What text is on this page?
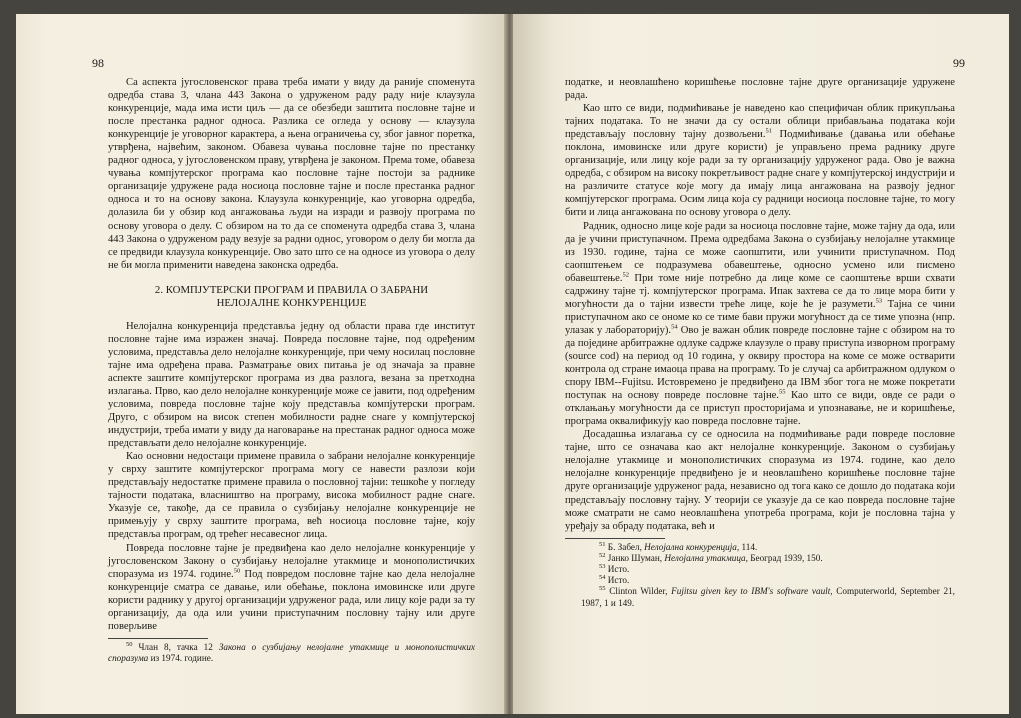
98

Са аспекта југословенског права треба имати у виду да раније споменута одредба става 3, члана 443 Закона о удруженом раду раду није клаузула конкуренције, мада има исти циљ — да се обезбеди заштита пословне тајне и после престанка радног односа. Разлика се огледа у основу — клаузула конкуренције је уговорног карактера, а њена ограничења су, због јавног поретка, утврђена, највећим, законом. Обавеза чувања пословне тајне по престанку радног односа, у југословенском праву, утврђена је законом. Према томе, обавеза чувања компјутерског програма као пословне тајне постоји за раднике организације удружене рада носиоца пословне тајне и после престанка радног односа и то на основу закона. Клаузула конкуренције, као уговорна одредба, долазила би у обзир код ангажовања људи на изради и развоју програма по основу уговора о делу. С обзиром на то да се споменута одредба става 3, члана 443 Закона о удруженом раду везује за радни однос, уговором о делу би могла да се предвиди клаузула конкуренције. Ово зато што се на односе из уговора о делу не би могла применити наведена законска одредба.

2. КОМПЈУТЕРСКИ ПРОГРАМ И ПРАВИЛА О ЗАБРАНИ
НЕЛОЈАЛНЕ КОНКУРЕНЦИЈЕ

Нелојална конкуренција представља једну од области права где институт пословне тајне има изражен значај. Повреда пословне тајне, под одређеним условима, представља дело нелојалне конкуренције, при чему носилац пословне тајне има одређена права. Разматрање ових питања је од значаја за правне аспекте заштите компјутерског програма из два разлога, везана за претходна излагања. Прво, као дело нелојалне конкуренције може се јавити, под одређеним условима, повреда пословне тајне коју представља компјутерски програм. Друго, с обзиром на висок степен мобилности радне снаге у компјутерској индустрији, треба имати у виду да наговарање на престанак радног односа може представљати дело нелојалне конкуренције.

Као основни недостаци примене правила о забрани нелојалне конкуренције у сврху заштите компјутерског програма могу се навести разлози који представљају недостатке примене правила о пословној тајни: тешкоће у погледу тајности података, власништво на програму, висока мобилност радне снаге. Указује се, такође, да се правила о сузбијању нелојалне конкуренције не примењују у сврху заштите програма, већ носиоца пословне тајне, коју представља програм, од трећег несавесног лица.

Повреда пословне тајне је предвиђена као дело нелојалне конкуренције у југословенском Закону о сузбијању нелојалне утакмице и монополистичких споразума из 1974. године.$^{50}$ Под повредом пословне тајне као дела нелојалне конкуренције сматра се давање, или обећање, поклона имовинске или друге користи раднику у другој организацији удруженог рада, или лицу које ради за ту организацију, да ода или учини приступачним пословну тајну или друге поверљиве

$^{50}$ Члан 8, тачка 12 Закона о сузбијању нелојалне утакмице и монополистичких споразума из 1974. године.

99

податке, и неовлашћено коришћење пословне тајне друге организације удружене рада.

Као што се види, подмићивање је наведено као специфичан облик прикупљања тајних података. То не значи да су остали облици прибављања података који представљају пословну тајну дозвољени.$^{51}$ Подмићивање (давања или обећање поклона, имовинске или друге користи) је управљено према раднику друге организације, или лицу које ради за ту организацију удруженог рада. Ово је важна одредба, с обзиром на високу покретљивост радне снаге у компјутерској индустрији и на различите статусе које могу да имају лица ангажована на развоју једног компјутерског програма. Осим лица која су радници носиоца пословне тајне, то могу бити и лица ангажована по основу уговора о делу.

Радник, односно лице које ради за носиоца пословне тајне, може тајну да ода, или да је учини приступачном. Према одредбама Закона о сузбијању нелојалне утакмице из 1930. године, тајна се може саопштити, или учинити приступачном. Под саопштењем се подразумева обавештење, односно усмено или писмено обавештење.$^{52}$ При томе није потребно да лице коме се саопштење врши схвати садржину тајне тј. компјутерског програма. Ипак захтева се да то лице мора бити у могућности да о тајни извести треће лице, које ће је разумети.$^{53}$ Тајна се чини приступачном ако се ономе ко се тиме бави пружи могућност да се тиме упозна (нпр. улазак у лабораторију).$^{54}$ Ово је важан облик повреде пословне тајне с обзиром на то да поједине арбитражне одлуке садрже клаузуле о праву приступа изворном програму (source cod) на период од 10 година, у оквиру простора на коме се може остварити контрола од стране имаоца права на програму. То је случај са арбитражном одлуком о спору IBM--Fujitsu. Истовремено је предвиђено да IBM због тога не може покретати поступак на основу повреде пословне тајне.$^{55}$ Као што се види, овде се ради о отклањању могућности да се приступ просторијама и упознавање, не и коришћење, програма оквалификују као повреда пословне тајне.

Досадашња излагања су се односила на подмићивање ради повреде пословне тајне, што се означава као акт нелојалне конкуренције. Законом о сузбијању нелојалне утакмице и монополистичких споразума из 1974. године, као дело нелојалне конкуренције предвиђено је и неовлашћено коришћење пословне тајне друге организације удруженог рада, независно од тога како се дошло до података који представљају пословну тајну. У теорији се указује да се као повреда пословне тајне може сматрати не само неовлашћена употреба програма, који је пословна тајна у уређају за обраду података, већ и

$^{51}$ Б. Забел, Нелојална конкуренција, 114.

$^{52}$ Јанко Шуман, Нелојална утакмица, Београд 1939, 150.

$^{53}$ Исто.

$^{54}$ Исто.

$^{55}$ Clinton Wilder, Fujitsu given key to IBM's software vault, Computerworld, September 21, 1987, 1 и 149.
